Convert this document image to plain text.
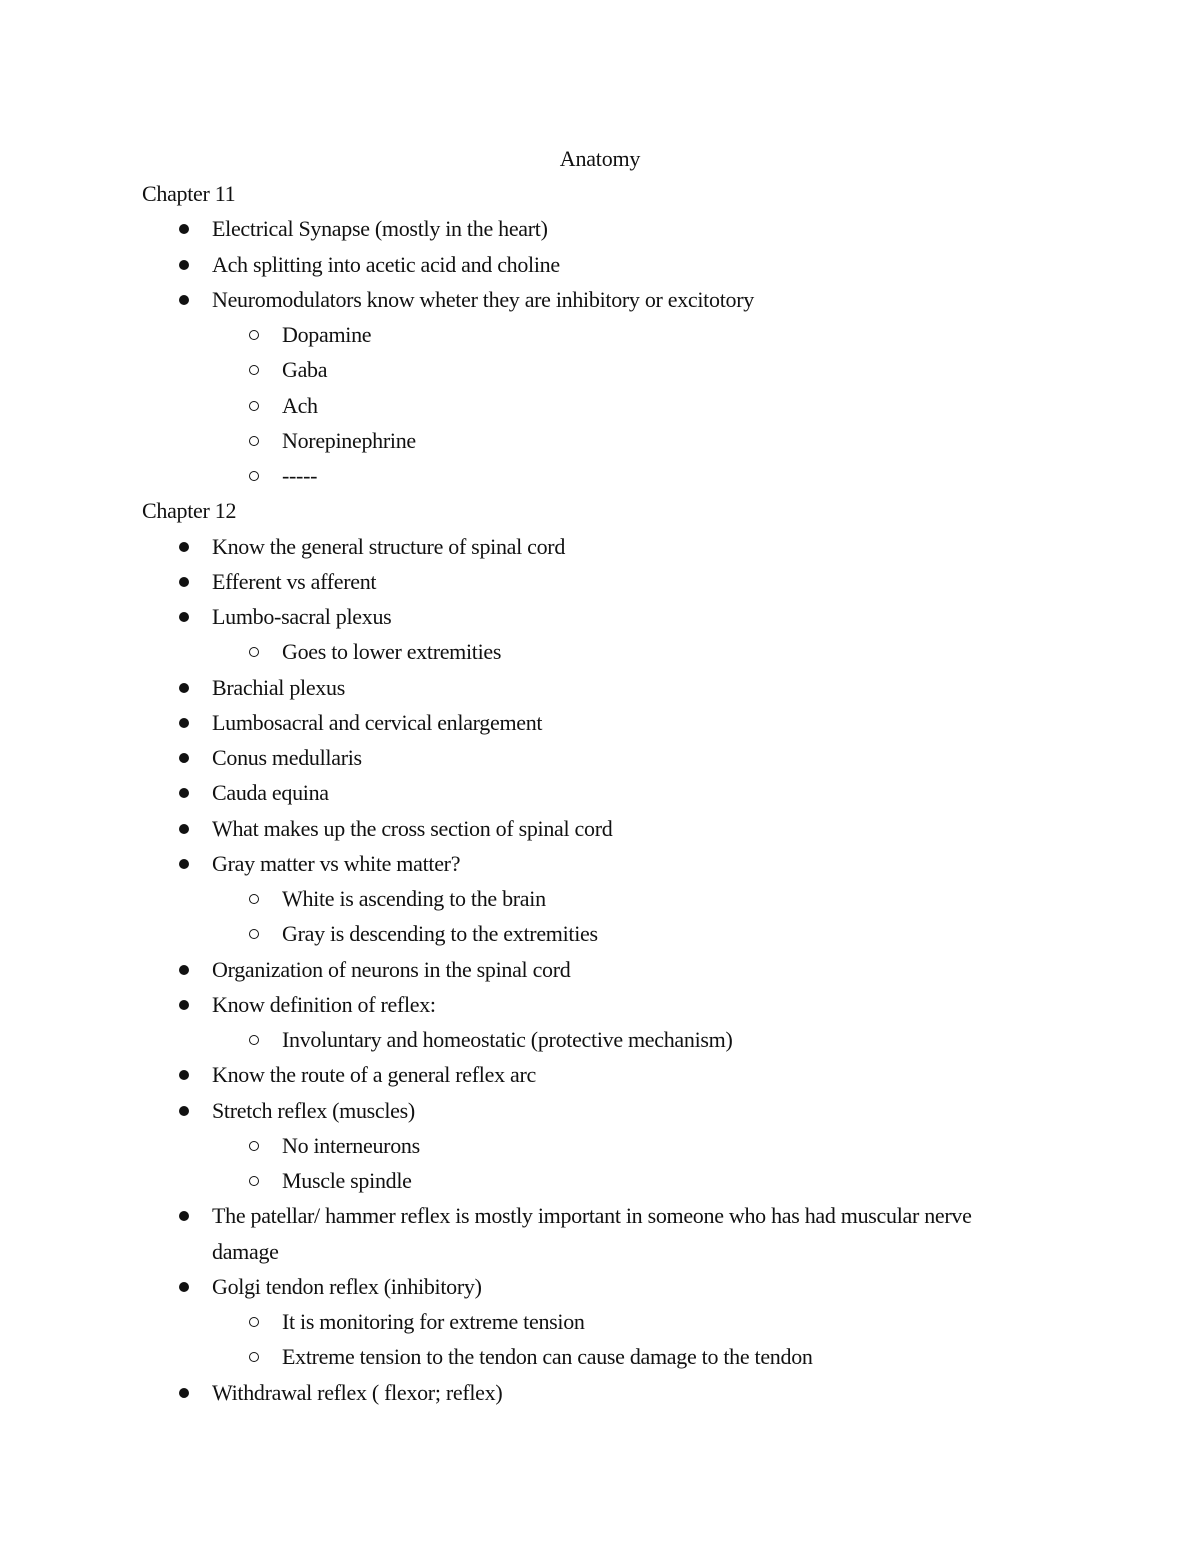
Anatomy
Chapter 11
Electrical Synapse (mostly in the heart)
Ach splitting into acetic acid and choline
Neuromodulators know wheter they are inhibitory or excitotory
Dopamine
Gaba
Ach
Norepinephrine
-----
Chapter 12
Know the general structure of spinal cord
Efferent vs afferent
Lumbo-sacral plexus
Goes to lower extremities
Brachial plexus
Lumbosacral and cervical enlargement
Conus medullaris
Cauda equina
What makes up the cross section of spinal cord
Gray matter vs white matter?
White is ascending to the brain
Gray is descending to the extremities
Organization of neurons in the spinal cord
Know definition of reflex:
Involuntary and homeostatic (protective mechanism)
Know the route of a general reflex arc
Stretch reflex (muscles)
No interneurons
Muscle spindle
The patellar/ hammer reflex is mostly important in someone who has had muscular nerve damage
Golgi tendon reflex (inhibitory)
It is monitoring for extreme tension
Extreme tension to the tendon can cause damage to the tendon
Withdrawal reflex ( flexor; reflex)
